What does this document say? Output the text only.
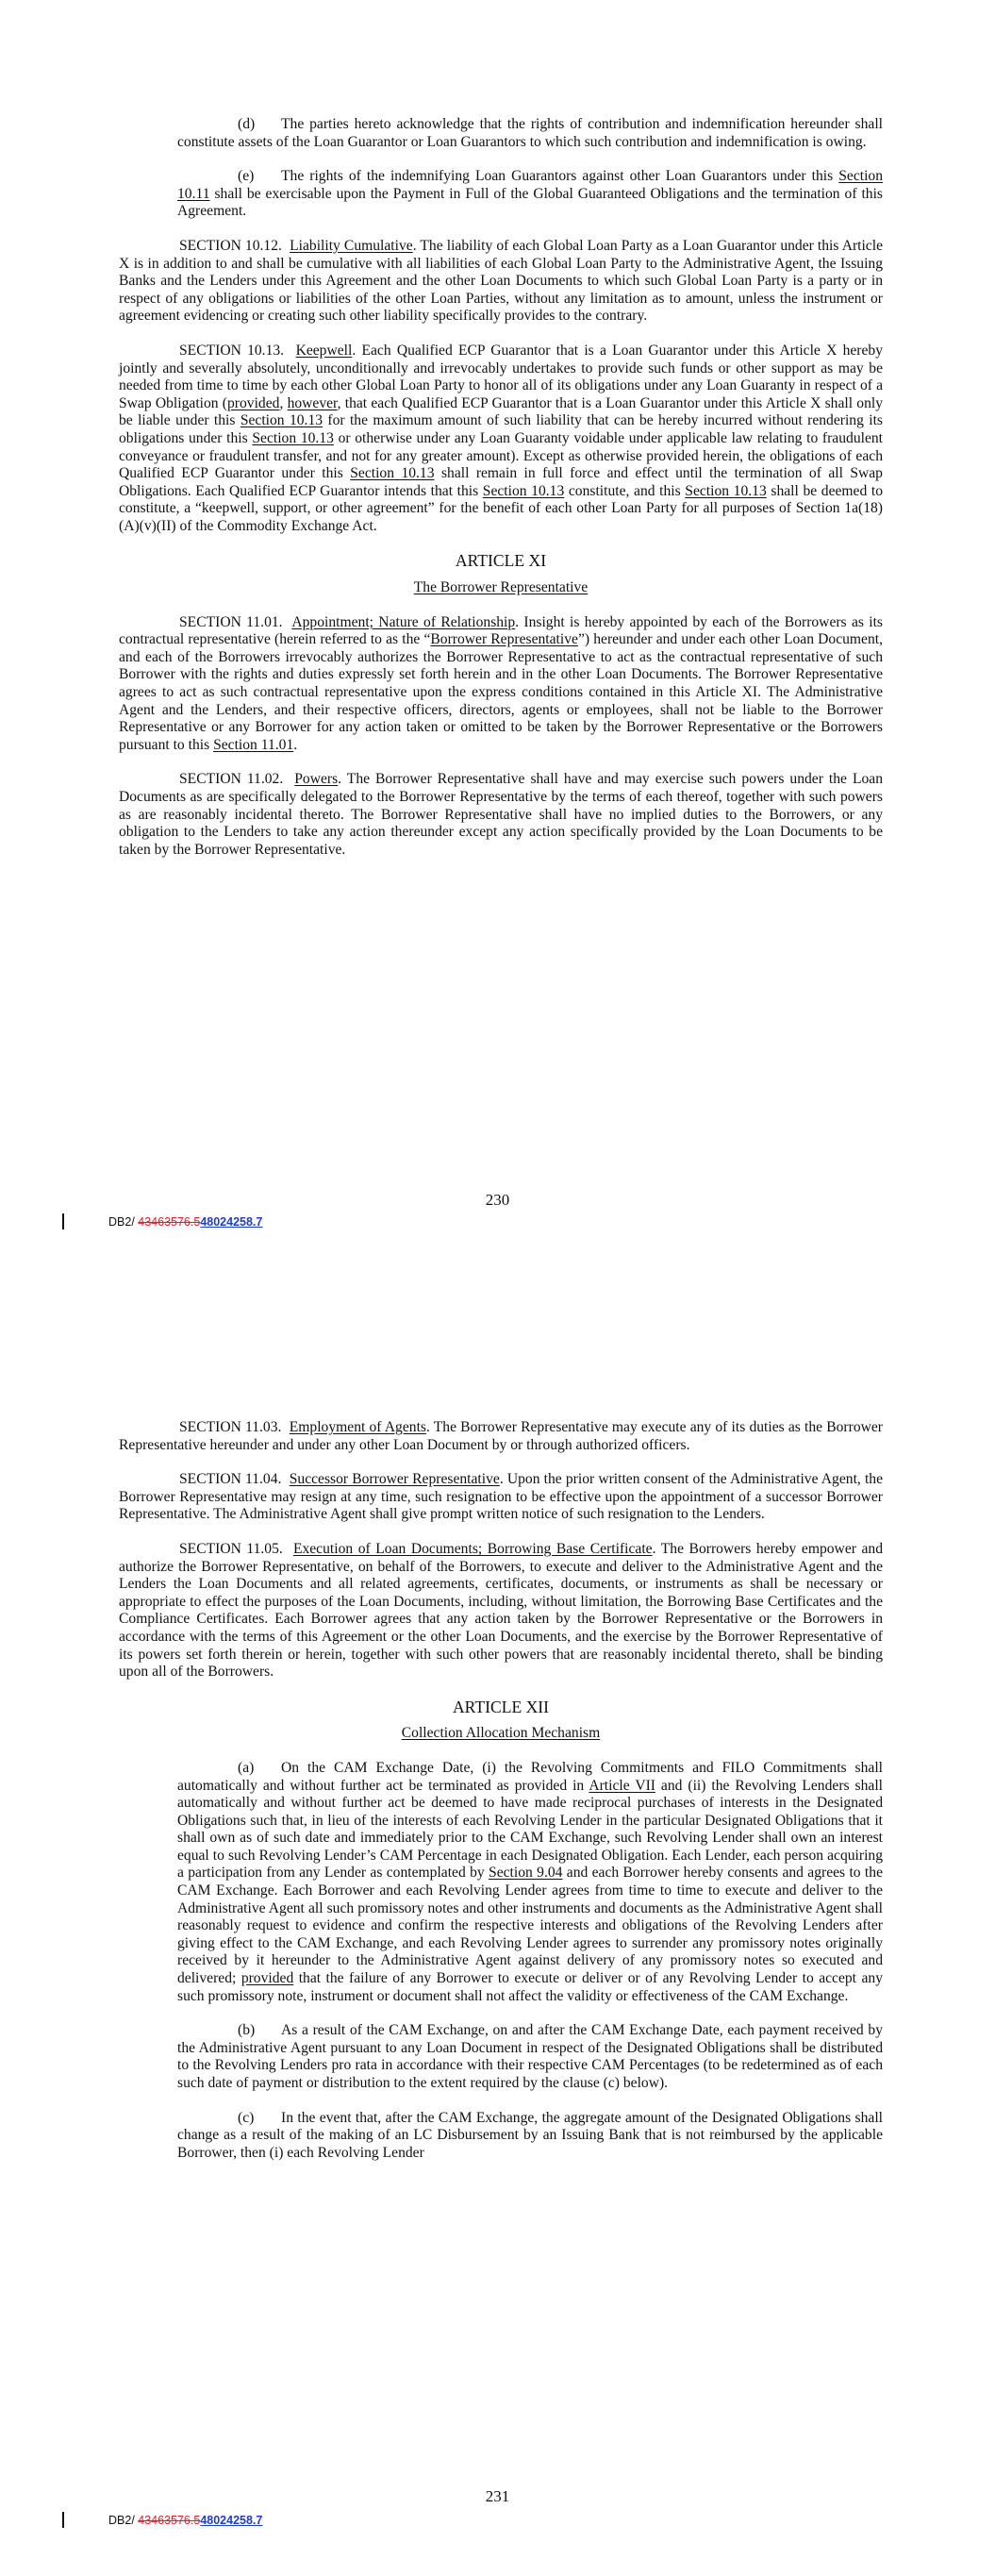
(d) The parties hereto acknowledge that the rights of contribution and indemnification hereunder shall constitute assets of the Loan Guarantor or Loan Guarantors to which such contribution and indemnification is owing.

(e) The rights of the indemnifying Loan Guarantors against other Loan Guarantors under this Section 10.11 shall be exercisable upon the Payment in Full of the Global Guaranteed Obligations and the termination of this Agreement.

SECTION 10.12. Liability Cumulative. The liability of each Global Loan Party as a Loan Guarantor under this Article X is in addition to and shall be cumulative with all liabilities of each Global Loan Party to the Administrative Agent, the Issuing Banks and the Lenders under this Agreement and the other Loan Documents to which such Global Loan Party is a party or in respect of any obligations or liabilities of the other Loan Parties, without any limitation as to amount, unless the instrument or agreement evidencing or creating such other liability specifically provides to the contrary.

SECTION 10.13. Keepwell. Each Qualified ECP Guarantor that is a Loan Guarantor under this Article X hereby jointly and severally absolutely, unconditionally and irrevocably undertakes to provide such funds or other support as may be needed from time to time by each other Global Loan Party to honor all of its obligations under any Loan Guaranty in respect of a Swap Obligation (provided, however, that each Qualified ECP Guarantor that is a Loan Guarantor under this Article X shall only be liable under this Section 10.13 for the maximum amount of such liability that can be hereby incurred without rendering its obligations under this Section 10.13 or otherwise under any Loan Guaranty voidable under applicable law relating to fraudulent conveyance or fraudulent transfer, and not for any greater amount). Except as otherwise provided herein, the obligations of each Qualified ECP Guarantor under this Section 10.13 shall remain in full force and effect until the termination of all Swap Obligations. Each Qualified ECP Guarantor intends that this Section 10.13 constitute, and this Section 10.13 shall be deemed to constitute, a “keepwell, support, or other agreement” for the benefit of each other Loan Party for all purposes of Section 1a(18)(A)(v)(II) of the Commodity Exchange Act.

ARTICLE XI
The Borrower Representative

SECTION 11.01. Appointment; Nature of Relationship. Insight is hereby appointed by each of the Borrowers as its contractual representative (herein referred to as the “Borrower Representative”) hereunder and under each other Loan Document, and each of the Borrowers irrevocably authorizes the Borrower Representative to act as the contractual representative of such Borrower with the rights and duties expressly set forth herein and in the other Loan Documents. The Borrower Representative agrees to act as such contractual representative upon the express conditions contained in this Article XI. The Administrative Agent and the Lenders, and their respective officers, directors, agents or employees, shall not be liable to the Borrower Representative or any Borrower for any action taken or omitted to be taken by the Borrower Representative or the Borrowers pursuant to this Section 11.01.

SECTION 11.02. Powers. The Borrower Representative shall have and may exercise such powers under the Loan Documents as are specifically delegated to the Borrower Representative by the terms of each thereof, together with such powers as are reasonably incidental thereto. The Borrower Representative shall have no implied duties to the Borrowers, or any obligation to the Lenders to take any action thereunder except any action specifically provided by the Loan Documents to be taken by the Borrower Representative.

DB2/ 43463576.548024258.7
230

SECTION 11.03. Employment of Agents. The Borrower Representative may execute any of its duties as the Borrower Representative hereunder and under any other Loan Document by or through authorized officers.

SECTION 11.04. Successor Borrower Representative. Upon the prior written consent of the Administrative Agent, the Borrower Representative may resign at any time, such resignation to be effective upon the appointment of a successor Borrower Representative. The Administrative Agent shall give prompt written notice of such resignation to the Lenders.

SECTION 11.05. Execution of Loan Documents; Borrowing Base Certificate. The Borrowers hereby empower and authorize the Borrower Representative, on behalf of the Borrowers, to execute and deliver to the Administrative Agent and the Lenders the Loan Documents and all related agreements, certificates, documents, or instruments as shall be necessary or appropriate to effect the purposes of the Loan Documents, including, without limitation, the Borrowing Base Certificates and the Compliance Certificates. Each Borrower agrees that any action taken by the Borrower Representative or the Borrowers in accordance with the terms of this Agreement or the other Loan Documents, and the exercise by the Borrower Representative of its powers set forth therein or herein, together with such other powers that are reasonably incidental thereto, shall be binding upon all of the Borrowers.

ARTICLE XII
Collection Allocation Mechanism

(a) On the CAM Exchange Date, (i) the Revolving Commitments and FILO Commitments shall automatically and without further act be terminated as provided in Article VII and (ii) the Revolving Lenders shall automatically and without further act be deemed to have made reciprocal purchases of interests in the Designated Obligations such that, in lieu of the interests of each Revolving Lender in the particular Designated Obligations that it shall own as of such date and immediately prior to the CAM Exchange, such Revolving Lender shall own an interest equal to such Revolving Lender’s CAM Percentage in each Designated Obligation. Each Lender, each person acquiring a participation from any Lender as contemplated by Section 9.04 and each Borrower hereby consents and agrees to the CAM Exchange. Each Borrower and each Revolving Lender agrees from time to time to execute and deliver to the Administrative Agent all such promissory notes and other instruments and documents as the Administrative Agent shall reasonably request to evidence and confirm the respective interests and obligations of the Revolving Lenders after giving effect to the CAM Exchange, and each Revolving Lender agrees to surrender any promissory notes originally received by it hereunder to the Administrative Agent against delivery of any promissory notes so executed and delivered; provided that the failure of any Borrower to execute or deliver or of any Revolving Lender to accept any such promissory note, instrument or document shall not affect the validity or effectiveness of the CAM Exchange.

(b) As a result of the CAM Exchange, on and after the CAM Exchange Date, each payment received by the Administrative Agent pursuant to any Loan Document in respect of the Designated Obligations shall be distributed to the Revolving Lenders pro rata in accordance with their respective CAM Percentages (to be redetermined as of each such date of payment or distribution to the extent required by the clause (c) below).

(c) In the event that, after the CAM Exchange, the aggregate amount of the Designated Obligations shall change as a result of the making of an LC Disbursement by an Issuing Bank that is not reimbursed by the applicable Borrower, then (i) each Revolving Lender

231
DB2/ 43463576.548024258.7
